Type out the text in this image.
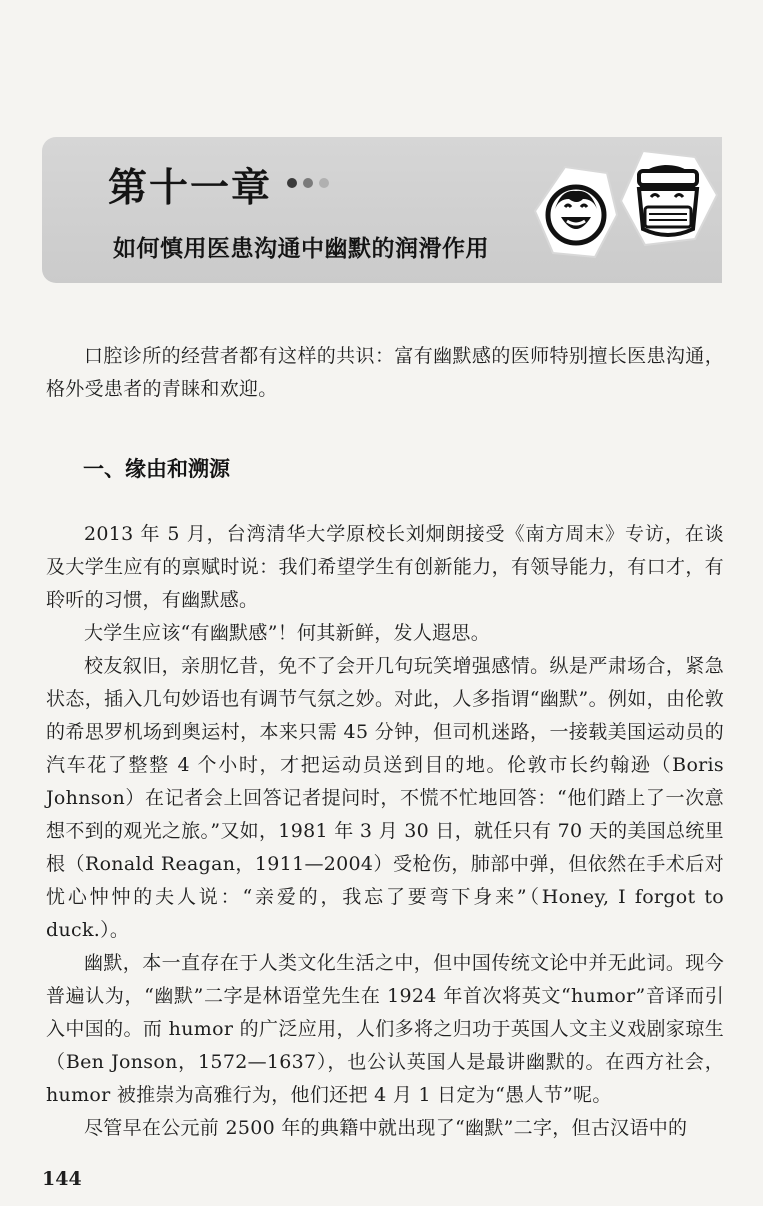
第十一章
如何慎用医患沟通中幽默的润滑作用

口腔诊所的经营者都有这样的共识：富有幽默感的医师特别擅长医患沟通，格外受患者的青睐和欢迎。

一、缘由和溯源

2013 年 5 月，台湾清华大学原校长刘炯朗接受《南方周末》专访，在谈及大学生应有的禀赋时说：我们希望学生有创新能力，有领导能力，有口才，有聆听的习惯，有幽默感。

大学生应该“有幽默感”！何其新鲜，发人遐思。

校友叙旧，亲朋忆昔，免不了会开几句玩笑增强感情。纵是严肃场合，紧急状态，插入几句妙语也有调节气氛之妙。对此，人多指谓“幽默”。例如，由伦敦的希思罗机场到奥运村，本来只需 45 分钟，但司机迷路，一接载美国运动员的汽车花了整整 4 个小时，才把运动员送到目的地。伦敦市长约翰逊（Boris Johnson）在记者会上回答记者提问时，不慌不忙地回答：“他们踏上了一次意想不到的观光之旅。”又如，1981 年 3 月 30 日，就任只有 70 天的美国总统里根（Ronald Reagan，1911—2004）受枪伤，肺部中弹，但依然在手术后对忧心忡忡的夫人说：“亲爱的，我忘了要弯下身来”（Honey, I forgot to duck.）。

幽默，本一直存在于人类文化生活之中，但中国传统文论中并无此词。现今普遍认为，“幽默”二字是林语堂先生在 1924 年首次将英文“humor”音译而引入中国的。而 humor 的广泛应用，人们多将之归功于英国人文主义戏剧家琼生（Ben Jonson，1572—1637），也公认英国人是最讲幽默的。在西方社会，humor 被推崇为高雅行为，他们还把 4 月 1 日定为“愚人节”呢。

尽管早在公元前 2500 年的典籍中就出现了“幽默”二字，但古汉语中的

144
